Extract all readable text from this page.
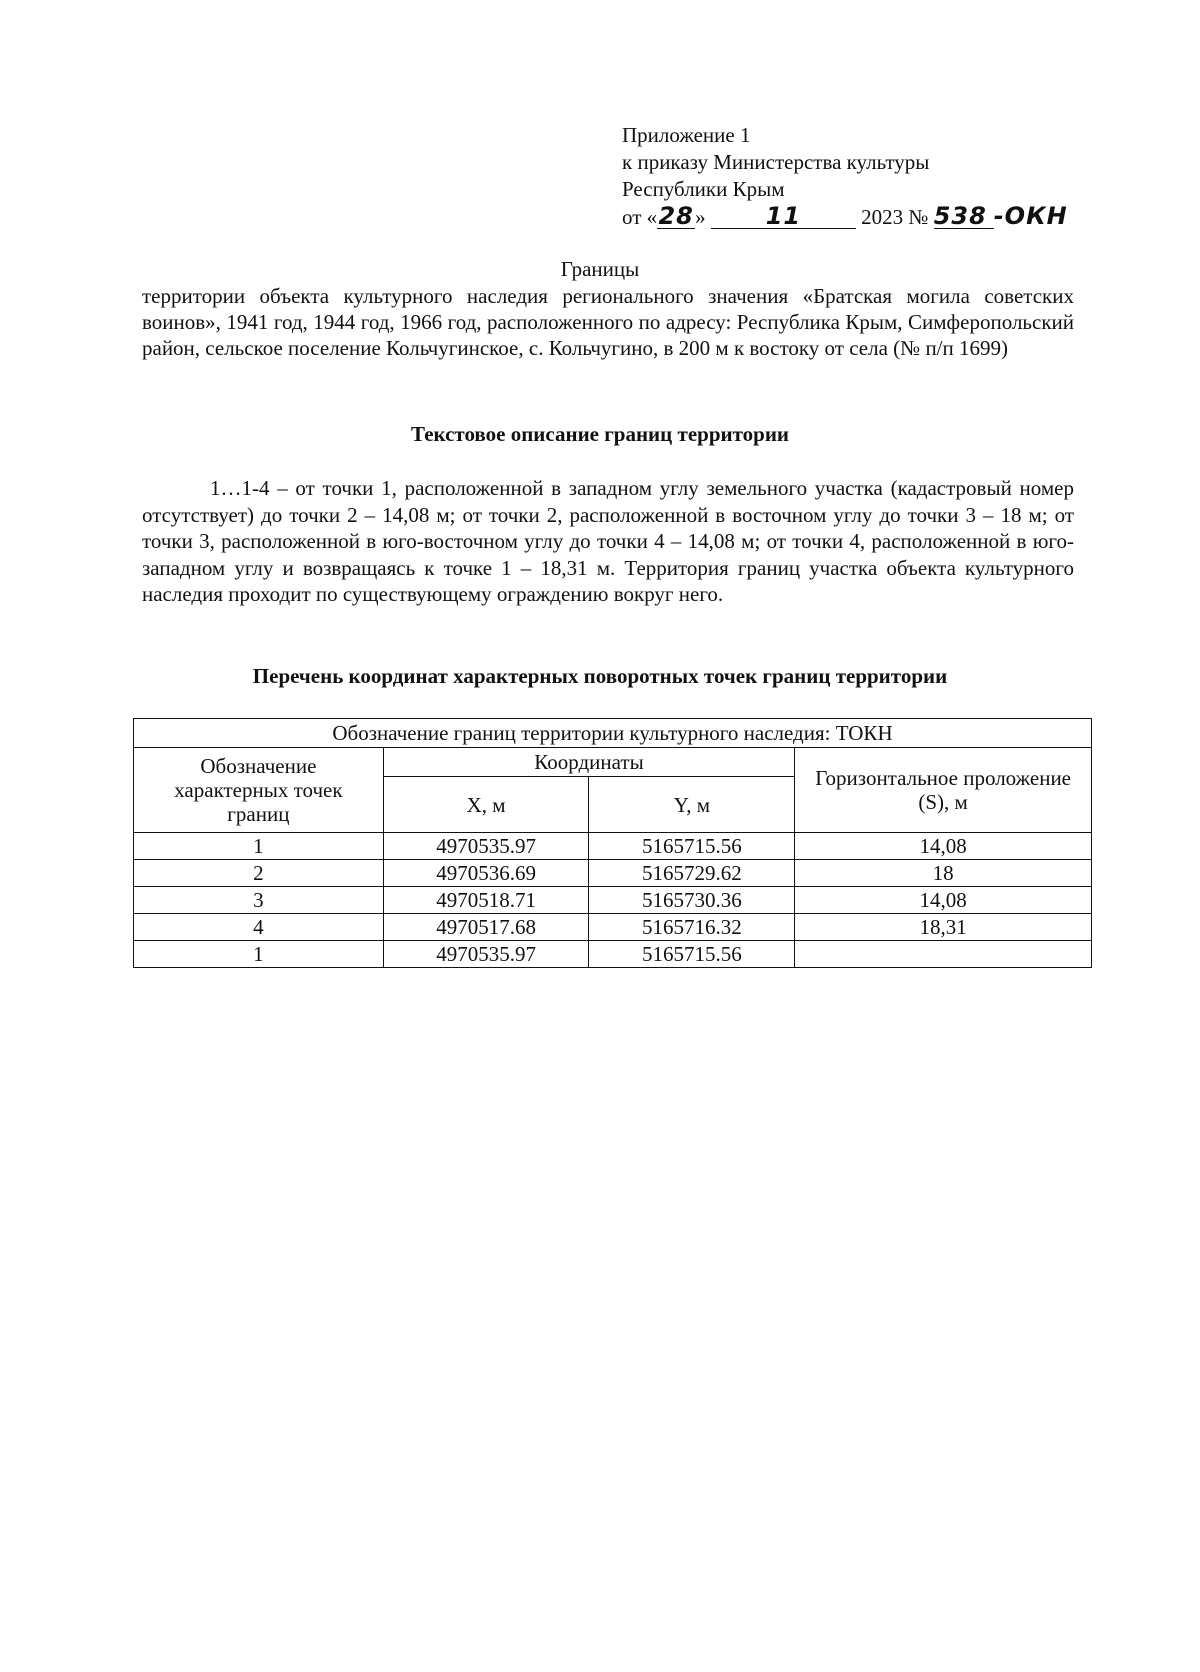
Приложение 1
к приказу Министерства культуры
Республики Крым
от «28»	11	2023 № 538 -ОКН
Границы
территории объекта культурного наследия регионального значения «Братская могила советских воинов», 1941 год, 1944 год, 1966 год, расположенного по адресу: Республика Крым, Симферопольский район, сельское поселение Кольчугинское, с. Кольчугино, в 200 м к востоку от села (№ п/п 1699)
Текстовое описание границ территории
1…1-4 – от точки 1, расположенной в западном углу земельного участка (кадастровый номер отсутствует) до точки 2 – 14,08 м; от точки 2, расположенной в восточном углу до точки 3 – 18 м; от точки 3, расположенной в юго-восточном углу до точки 4 – 14,08 м; от точки 4, расположенной в юго-западном углу и возвращаясь к точке 1 – 18,31 м. Территория границ участка объекта культурного наследия проходит по существующему ограждению вокруг него.
Перечень координат характерных поворотных точек границ территории
Обозначение границ территории культурного наследия: ТОКН			
Обозначение характерных точек границ	Координаты		Горизонтальное проложение (S), м
	X, м	Y, м	
1	4970535.97	5165715.56	14,08
2	4970536.69	5165729.62	18
3	4970518.71	5165730.36	14,08
4	4970517.68	5165716.32	18,31
1	4970535.97	5165715.56	
